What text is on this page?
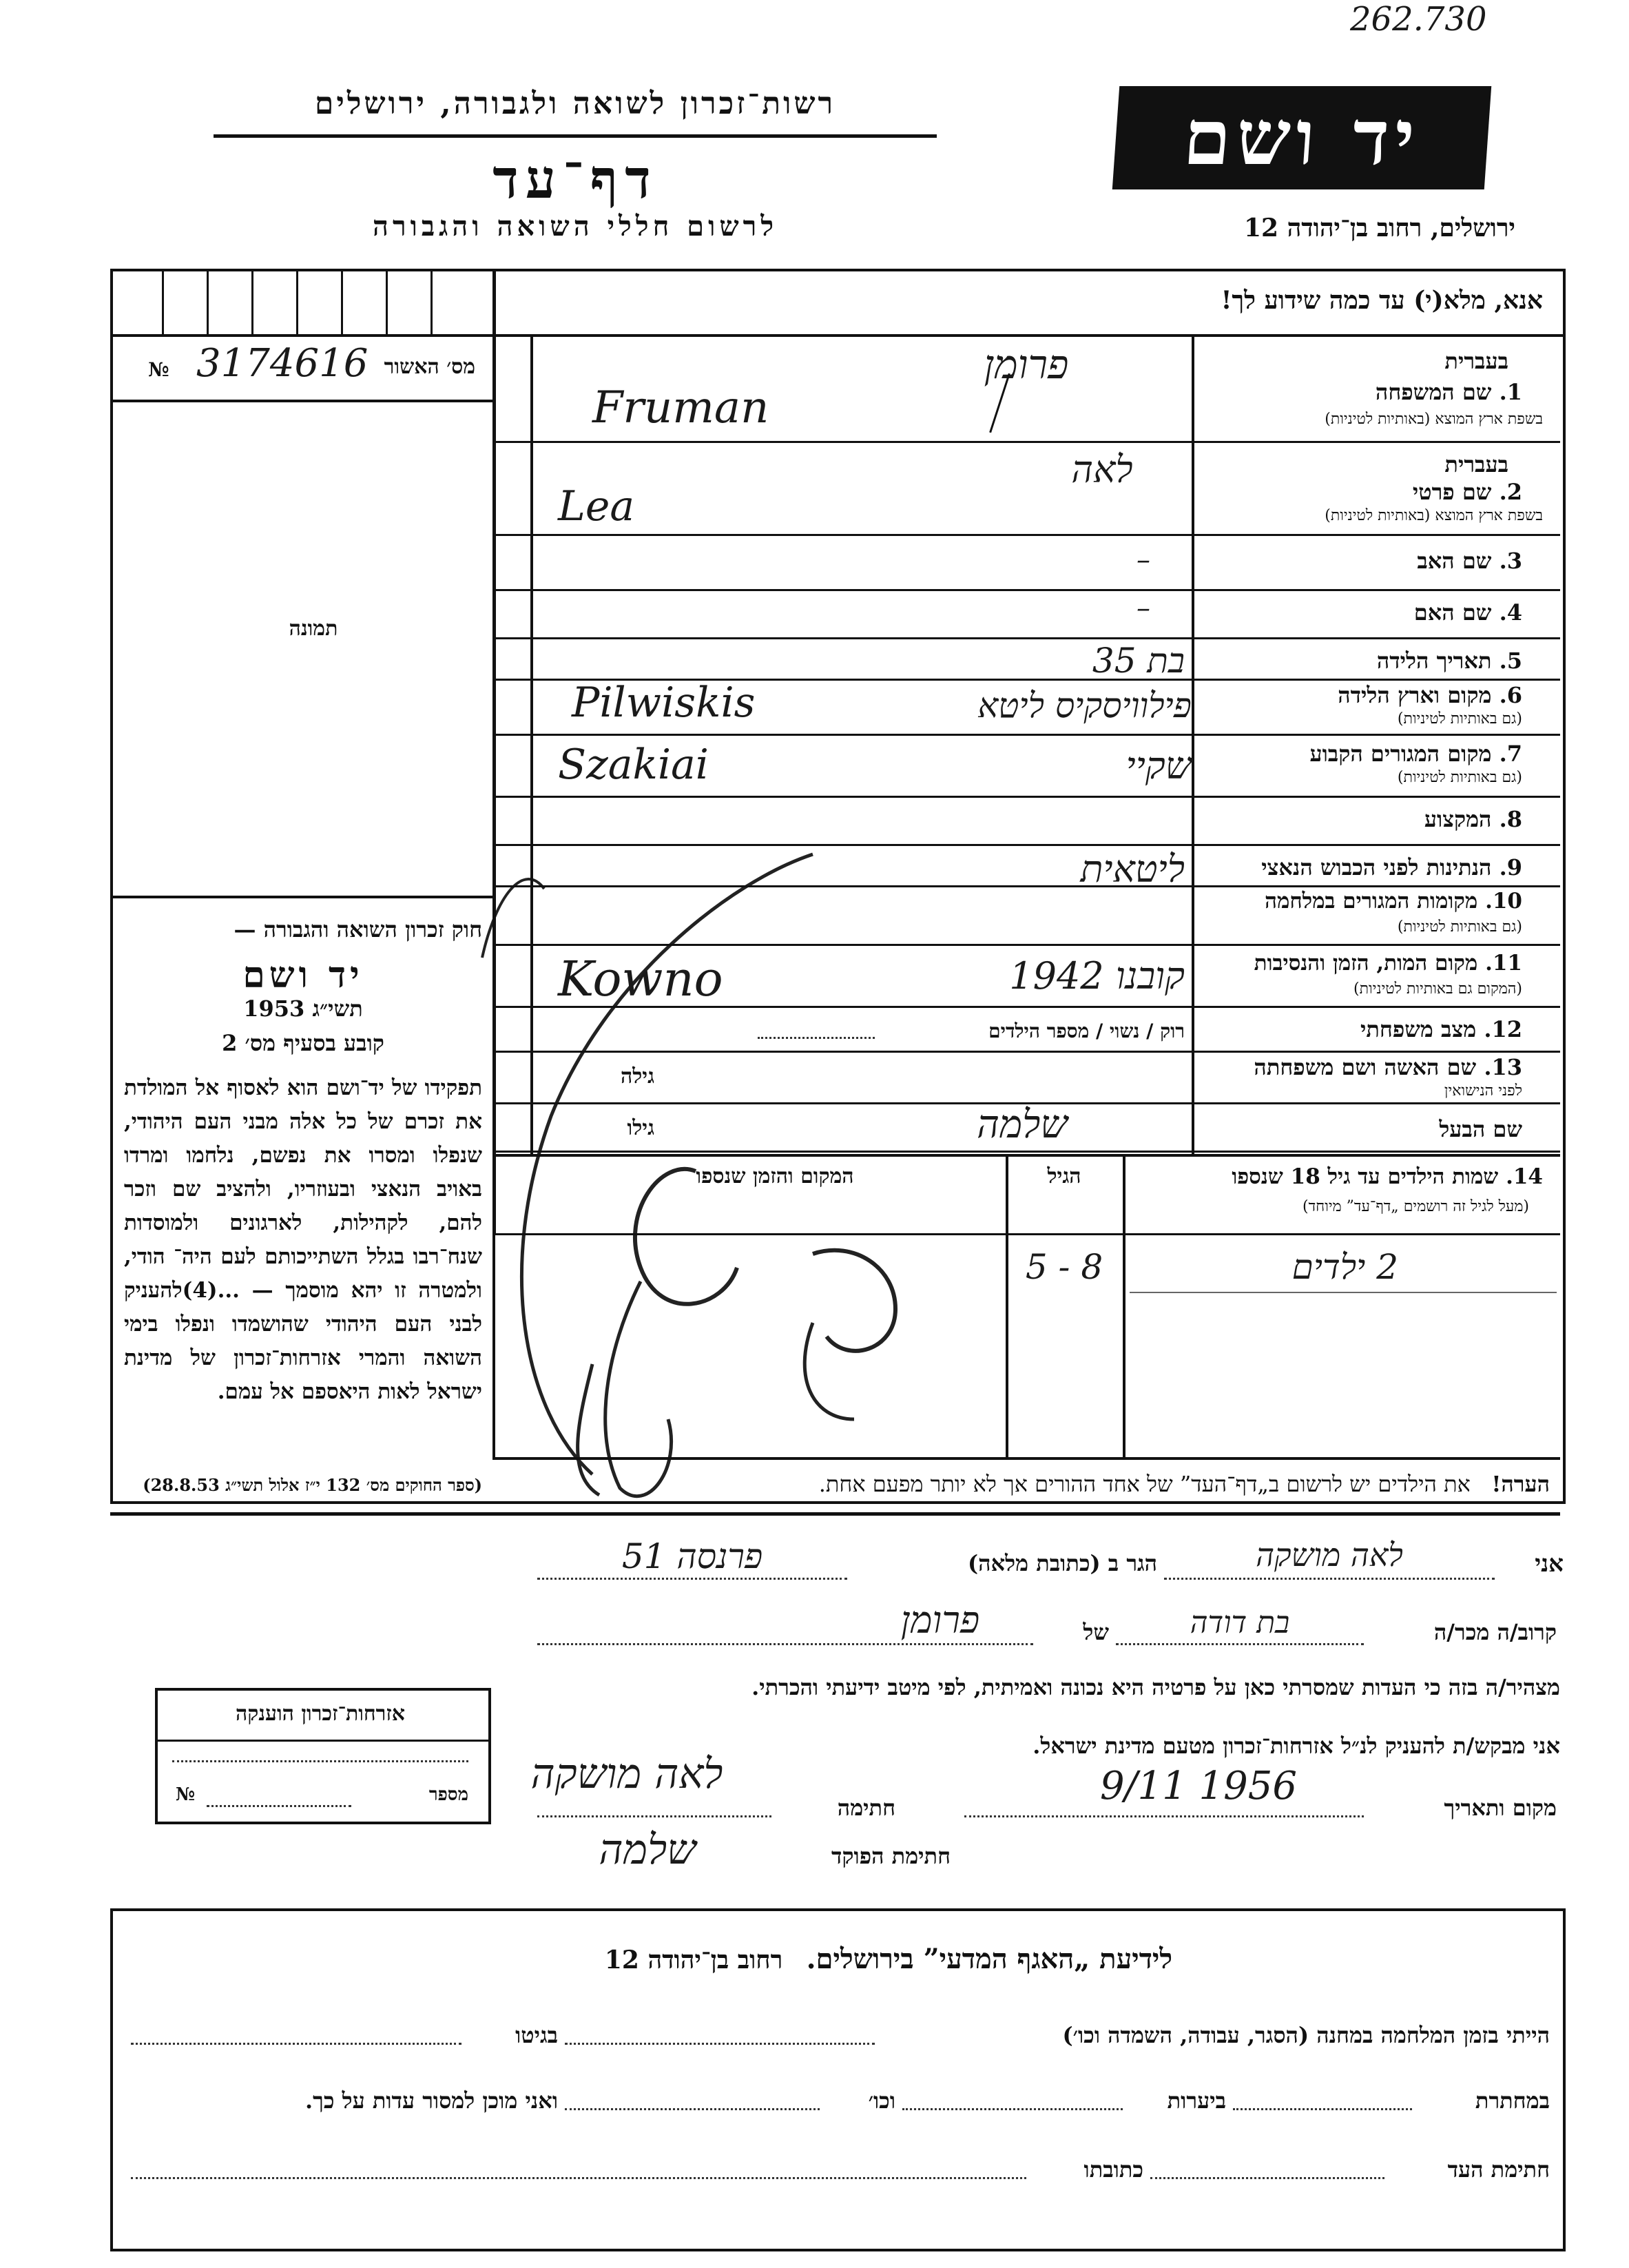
262.730
רשות־זכרון לשואה ולגבורה, ירושלים
דף־עד
לרשום חללי השואה והגבורה
יד ושם
ירושלים, רחוב בן־יהודה 12
אנא, מלא(י) עד כמה שידוע לך!
מס׳ האשור
3174616
№
תמונה
חוק זכרון השואה והגבורה —
יד ושם
תשי״ג 1953
קובע בסעיף מס׳ 2
תפקידו של יד־ושם הוא לאסוף אל המולדת את זכרם של כל אלה מבני העם היהודי, שנפלו ומסרו את נפשם, נלחמו ומרדו באויב הנאצי ובעוזריו, ולהציב שם וזכר להם, לקהילות, לארגונים ולמוסדות שנח־רבו בגלל השתייכותם לעם היה־ הודי, ולמטרה זו יהא מוסמך — ...(4)להעניק לבני העם היהודי שהושמדו ונפלו בימי השואה והמרי אזרחות־זכרון של מדינת ישראל לאות היאספם אל עמם.
(ספר החוקים מס׳ 132 י״ז אלול תשי״ג 28.8.53)
בעברית
1. שם המשפחה
בשפת ארץ המוצא (באותיות לטיניות)
פרומן
Fruman
בעברית
2. שם פרטי
בשפת ארץ המוצא (באותיות לטיניות)
לאה
Lea
3. שם האב
–
4. שם האם
–
5. תאריך הלידה
בת 35
6. מקום וארץ הלידה
(גם באותיות לטיניות)
פילוויסקיס ליטא
Pilwiskis
7. מקום המגורים הקבוע
(גם באותיות לטיניות)
שקיי
Szakiai
8. המקצוע
9. הנתינות לפני הכבוש הנאצי
ליטאית
10. מקומות המגורים במלחמה
(גם באותיות לטיניות)
11. מקום המות, הזמן והנסיבות
(המקום גם באותיות לטיניות)
קובנו 1942
Kowno
12. מצב משפחתי
רוק / נשוי / מספר הילדים
13. שם האשה ושם משפחתה
לפני הנישואין
גילה
שם הבעל
גילו	שלמה
14. שמות הילדים עד גיל 18 שנספו
(מעל לגיל זה רושמים „דף־עד” מיוחד)
הגיל
המקום והזמן שנספו
2 ילדים
5 - 8
הערה!   את הילדים יש לרשום ב„דף־העד” של אחד ההורים אך לא יותר מפעם אחת.
אני
לאה מושקה
הגר ב (כתובת מלאה)
פרנסה 51
קרוב/ה מכר/ה
בת דודה
של
פרומן
מצהיר/ה בזה כי העדות שמסרתי כאן על פרטיה היא נכונה ואמיתית, לפי מיטב ידיעתי והכרתי.
אני מבקש/ת להעניק לנ״ל אזרחות־זכרון מטעם מדינת ישראל.
מקום ותאריך
9/11 1956
חתימה
לאה מושקה
חתימת הפוקד
שלמה
אזרחות־זכרון הוענקה
מספר
№
לידיעת „האגף המדעי” בירושלים.   רחוב בן־יהודה 12
הייתי בזמן המלחמה במחנה (הסגר, עבודה, השמדה וכו׳)
בגיטו
במחתרת
ביערות
וכו׳
ואני מוכן למסור עדות על כך.
חתימת העד
כתובתו
